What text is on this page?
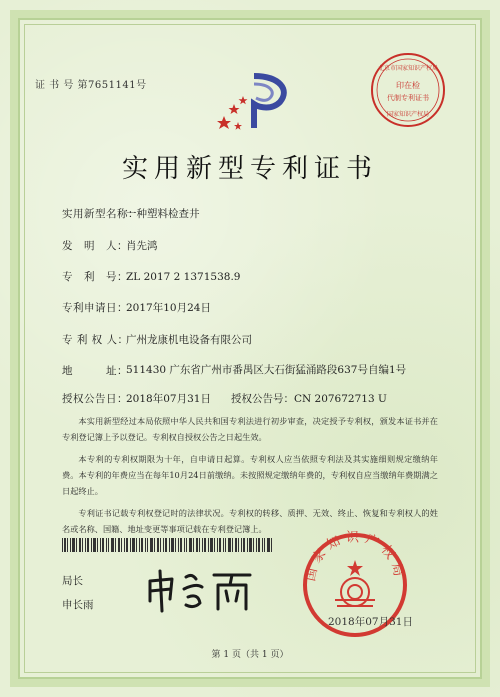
证 书 号 第7651141号
北京市国家知识产权局
印在检
代制专利证书
国家知识产权局
实用新型专利证书
实用新型名称：一种塑料检查井
发　明　人：肖先鸿
专　利　号：ZL 2017 2 1371538.9
专利申请日：2017年10月24日
专 利 权 人：广州龙康机电设备有限公司
地　　　址：511430 广东省广州市番禺区大石街猛涌路段637号自编1号
授权公告日：2018年07月31日 授权公告号：CN 207672713 U

本实用新型经过本局依照中华人民共和国专利法进行初步审查，决定授予专利权，颁发本证书并在专利登记簿上予以登记。专利权自授权公告之日起生效。

本专利的专利权期限为十年，自申请日起算。专利权人应当依照专利法及其实施细则规定缴纳年费。本专利的年费应当在每年10月24日前缴纳。未按照规定缴纳年费的，专利权自应当缴纳年费期满之日起终止。

专利证书记载专利权登记时的法律状况。专利权的转移、质押、无效、终止、恢复和专利权人的姓名或名称、国籍、地址变更等事项记载在专利登记簿上。

局长
申长雨
国家知识产权局
2018年07月31日
第 1 页（共 1 页）
